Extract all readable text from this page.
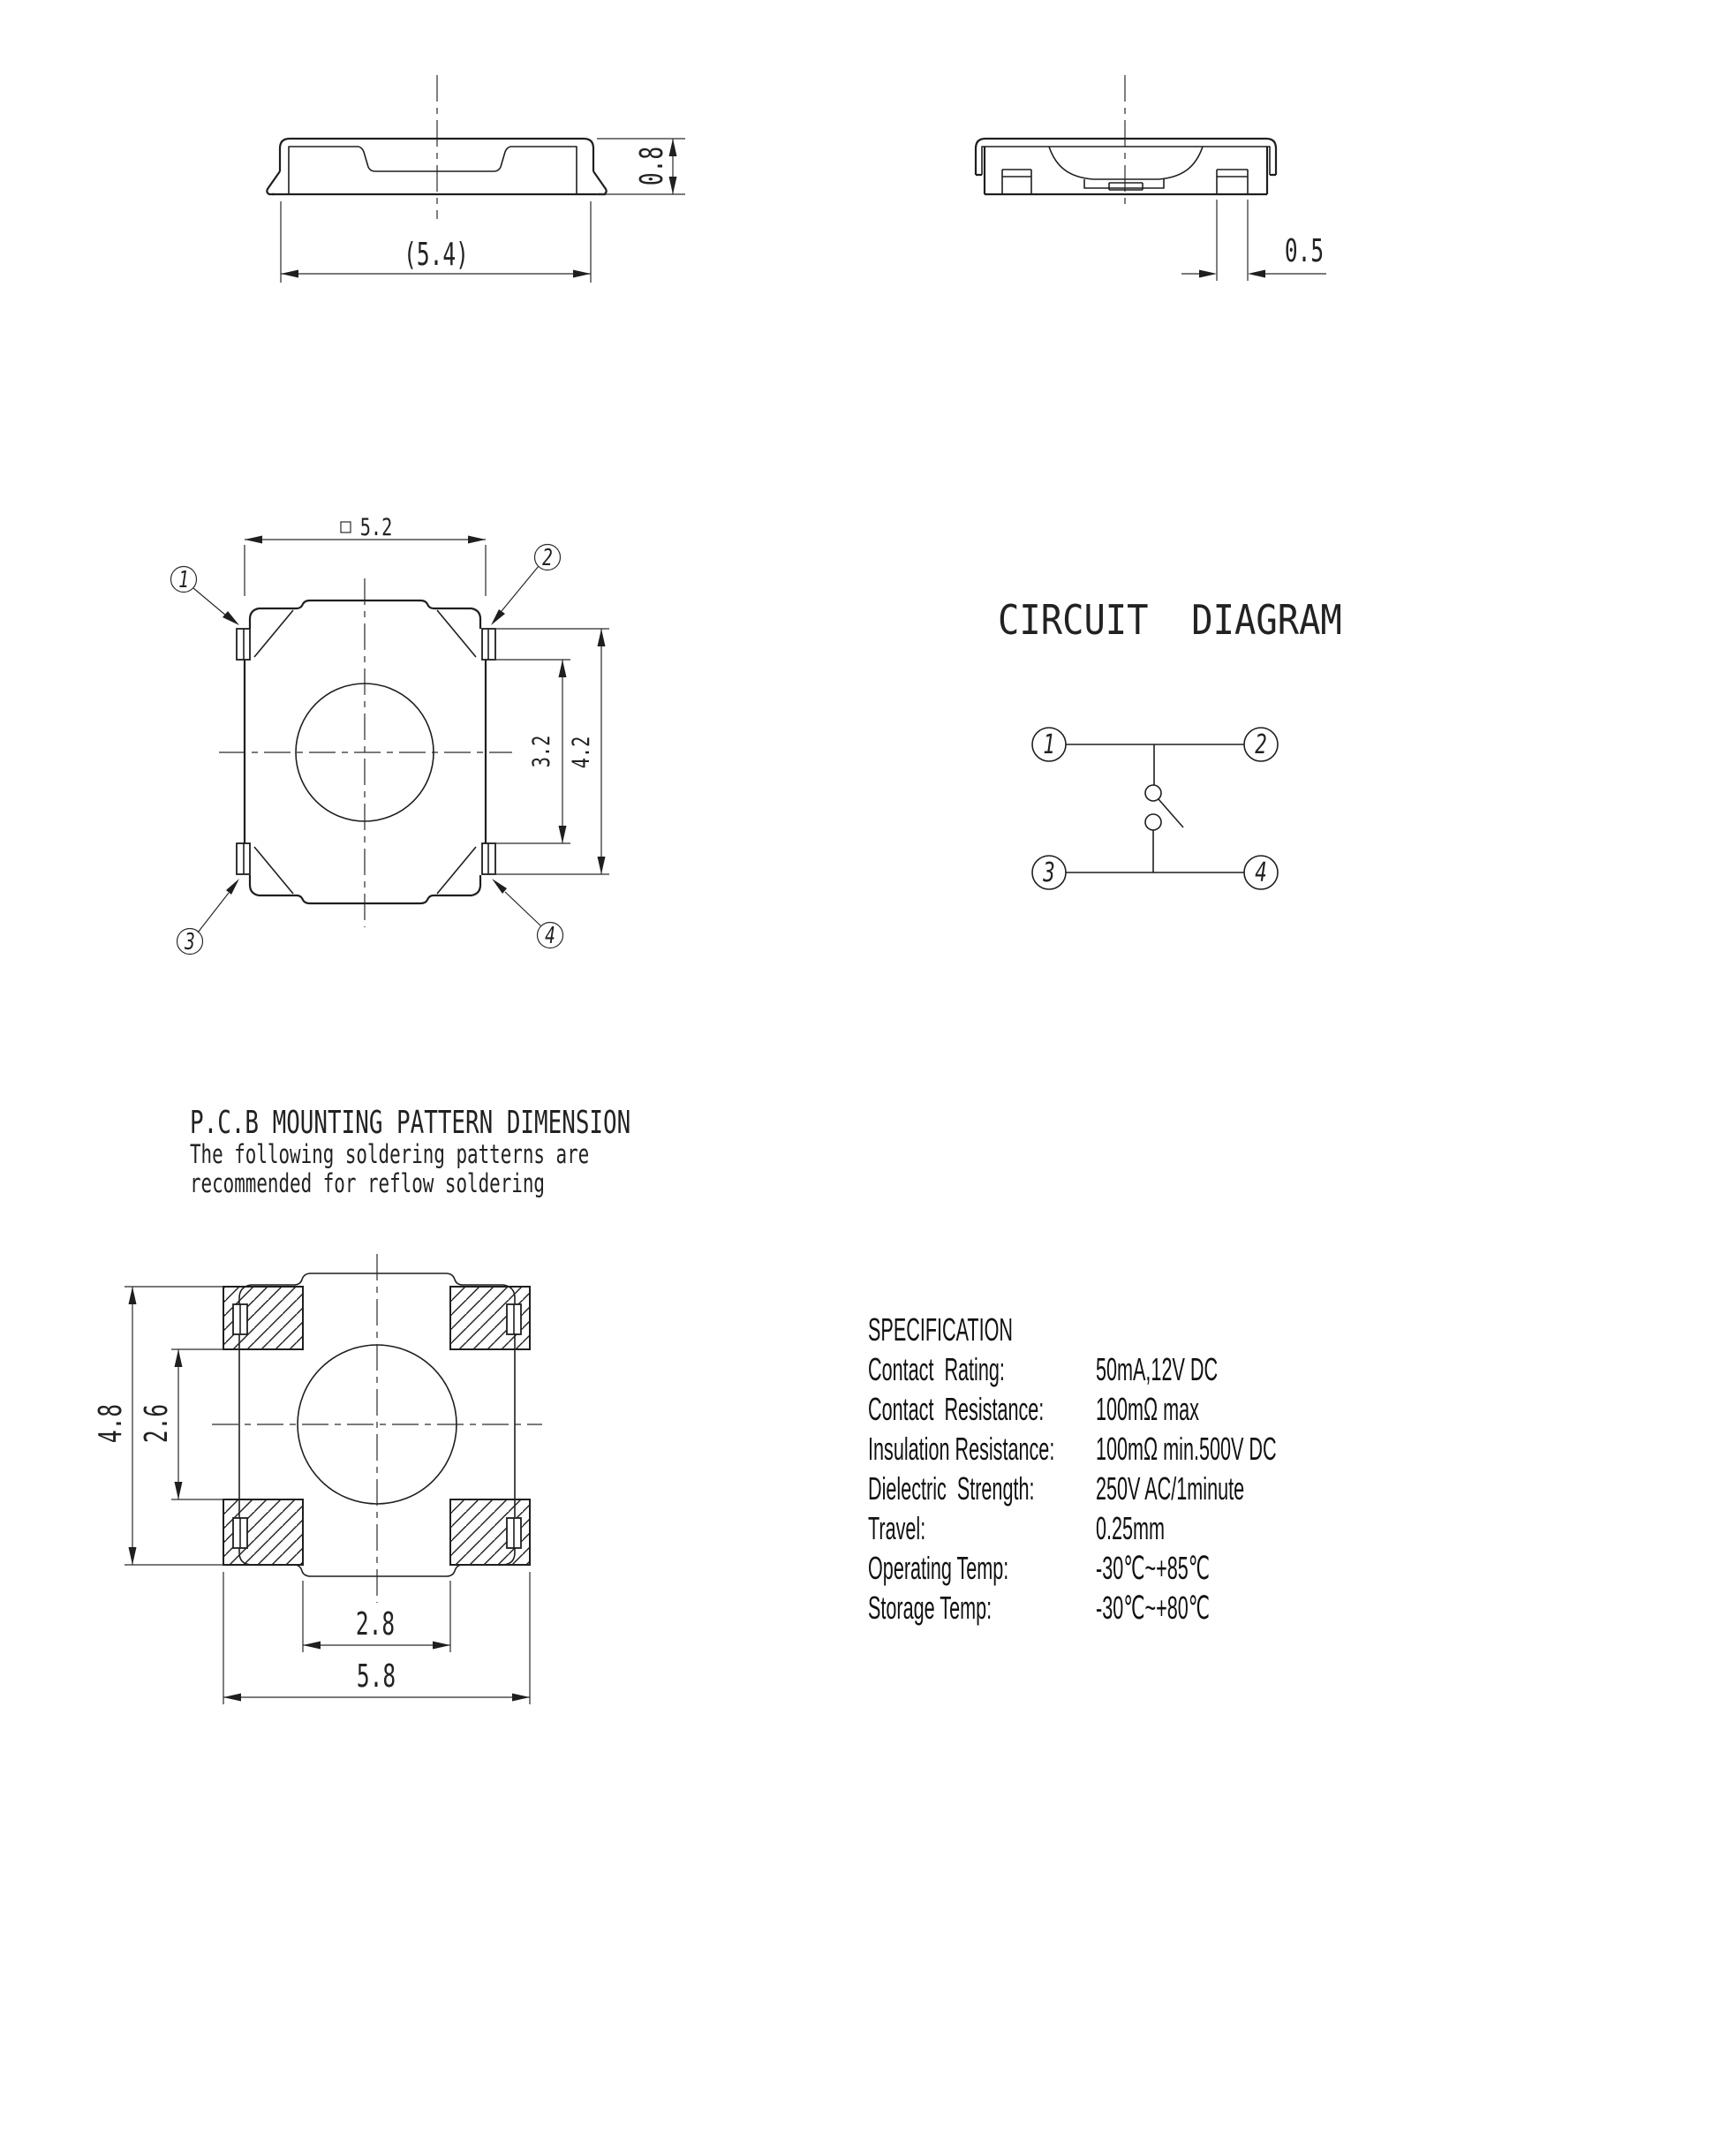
(5.4)
0.8
0.5
1
2
3	4
5.2
3.2 4.2
CIRCUIT  DIAGRAM
1	2
3	4
P.C.B MOUNTING PATTERN DIMENSION
The following soldering patterns are
recommended for reflow soldering
4.8 2.6
2.8
5.8
SPECIFICATION
Contact  Rating:	50mA,12V DC
Contact  Resistance: 100mΩ max
Insulation Resistance: 100mΩ min.500V DC
Dielectric  Strength: 250V AC/1minute
Travel:	0.25mm
Operating Temp:	-30℃~+85℃
Storage Temp:	-30℃~+80℃
